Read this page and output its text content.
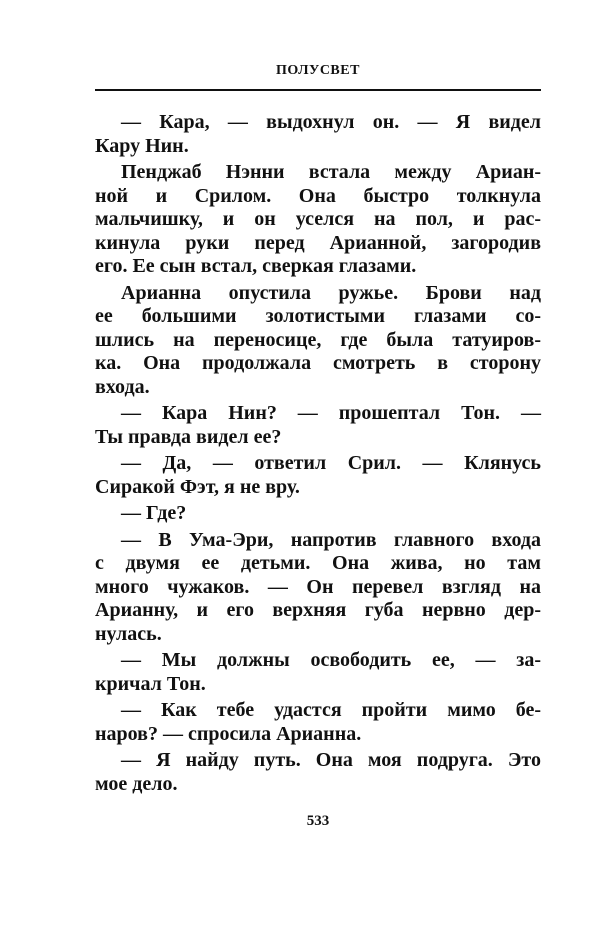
ПОЛУСВЕТ
— Кара, — выдохнул он. — Я видел
Кару Нин.
Пенджаб Нэнни встала между Ариан-
ной и Срилом. Она быстро толкнула
мальчишку, и он уселся на пол, и рас-
кинула руки перед Арианной, загородив
его. Ее сын встал, сверкая глазами.
Арианна опустила ружье. Брови над
ее большими золотистыми глазами со-
шлись на переносице, где была татуиров-
ка. Она продолжала смотреть в сторону
входа.
— Кара Нин? — прошептал Тон. —
Ты правда видел ее?
— Да, — ответил Срил. — Клянусь
Сиракой Фэт, я не вру.
— Где?
— В Ума-Эри, напротив главного входа
с двумя ее детьми. Она жива, но там
много чужаков. — Он перевел взгляд на
Арианну, и его верхняя губа нервно дер-
нулась.
— Мы должны освободить ее, — за-
кричал Тон.
— Как тебе удастся пройти мимо бе-
наров? — спросила Арианна.
— Я найду путь. Она моя подруга. Это
мое дело.
533
